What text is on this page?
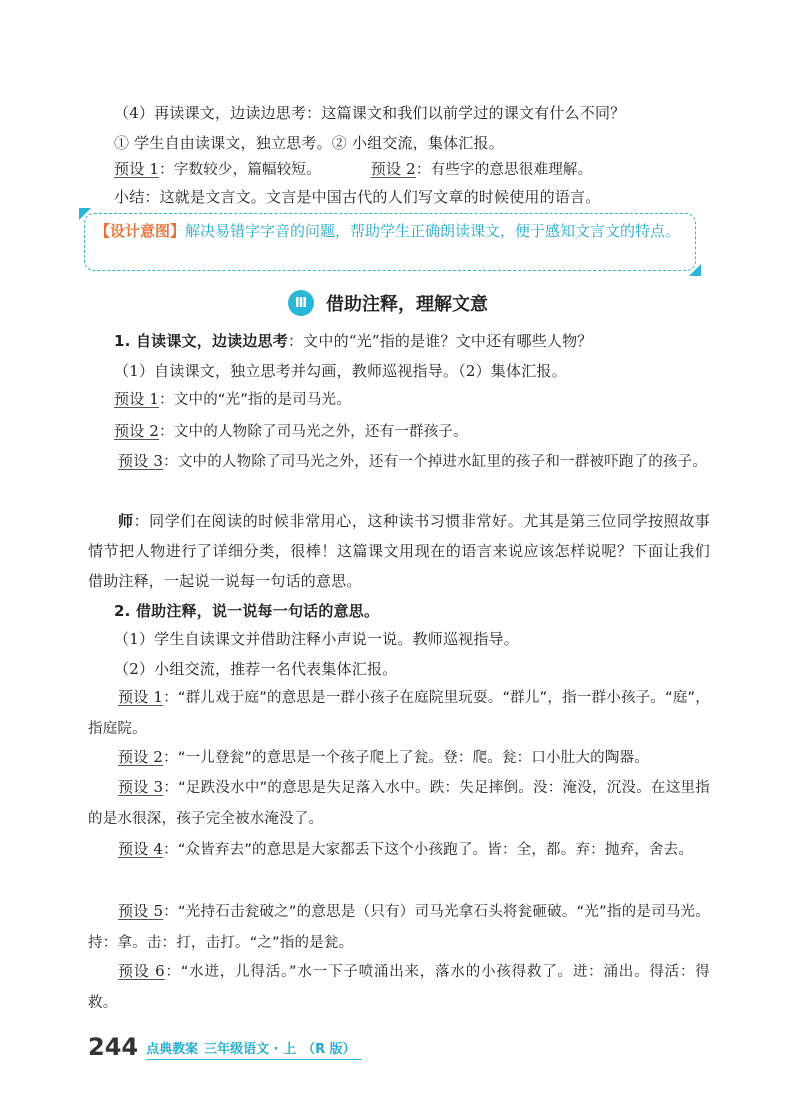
（4）再读课文，边读边思考：这篇课文和我们以前学过的课文有什么不同？
① 学生自由读课文，独立思考。② 小组交流，集体汇报。
预设 1：字数较少，篇幅较短。	预设 2：有些字的意思很难理解。
小结：这就是文言文。文言是中国古代的人们写文章的时候使用的语言。
【设计意图】解决易错字字音的问题，帮助学生正确朗读课文，便于感知文言文的特点。
Ⅲ	借助注释，理解文意
1. 自读课文，边读边思考：文中的“光”指的是谁？文中还有哪些人物？
（1）自读课文，独立思考并勾画，教师巡视指导。（2）集体汇报。
预设 1：文中的“光”指的是司马光。
预设 2：文中的人物除了司马光之外，还有一群孩子。
预设 3：文中的人物除了司马光之外，还有一个掉进水缸里的孩子和一群被吓跑了的孩子。
师：同学们在阅读的时候非常用心，这种读书习惯非常好。尤其是第三位同学按照故事情节把人物进行了详细分类，很棒！这篇课文用现在的语言来说应该怎样说呢？下面让我们借助注释，一起说一说每一句话的意思。
2. 借助注释，说一说每一句话的意思。
（1）学生自读课文并借助注释小声说一说。教师巡视指导。
（2）小组交流，推荐一名代表集体汇报。
预设 1：“群儿戏于庭”的意思是一群小孩子在庭院里玩耍。“群儿”，指一群小孩子。“庭”，指庭院。
预设 2：“一儿登瓮”的意思是一个孩子爬上了瓮。登：爬。瓮：口小肚大的陶器。
预设 3：“足跌没水中”的意思是失足落入水中。跌：失足摔倒。没：淹没，沉没。在这里指的是水很深，孩子完全被水淹没了。
预设 4：“众皆弃去”的意思是大家都丢下这个小孩跑了。皆：全，都。弃：抛弃，舍去。
预设 5：“光持石击瓮破之”的意思是（只有）司马光拿石头将瓮砸破。“光”指的是司马光。持：拿。击：打，击打。“之”指的是瓮。
预设 6：“水迸，儿得活。”水一下子喷涌出来，落水的小孩得救了。迸：涌出。得活：得救。
244 点典教案 三年级语文 · 上 （R 版）
